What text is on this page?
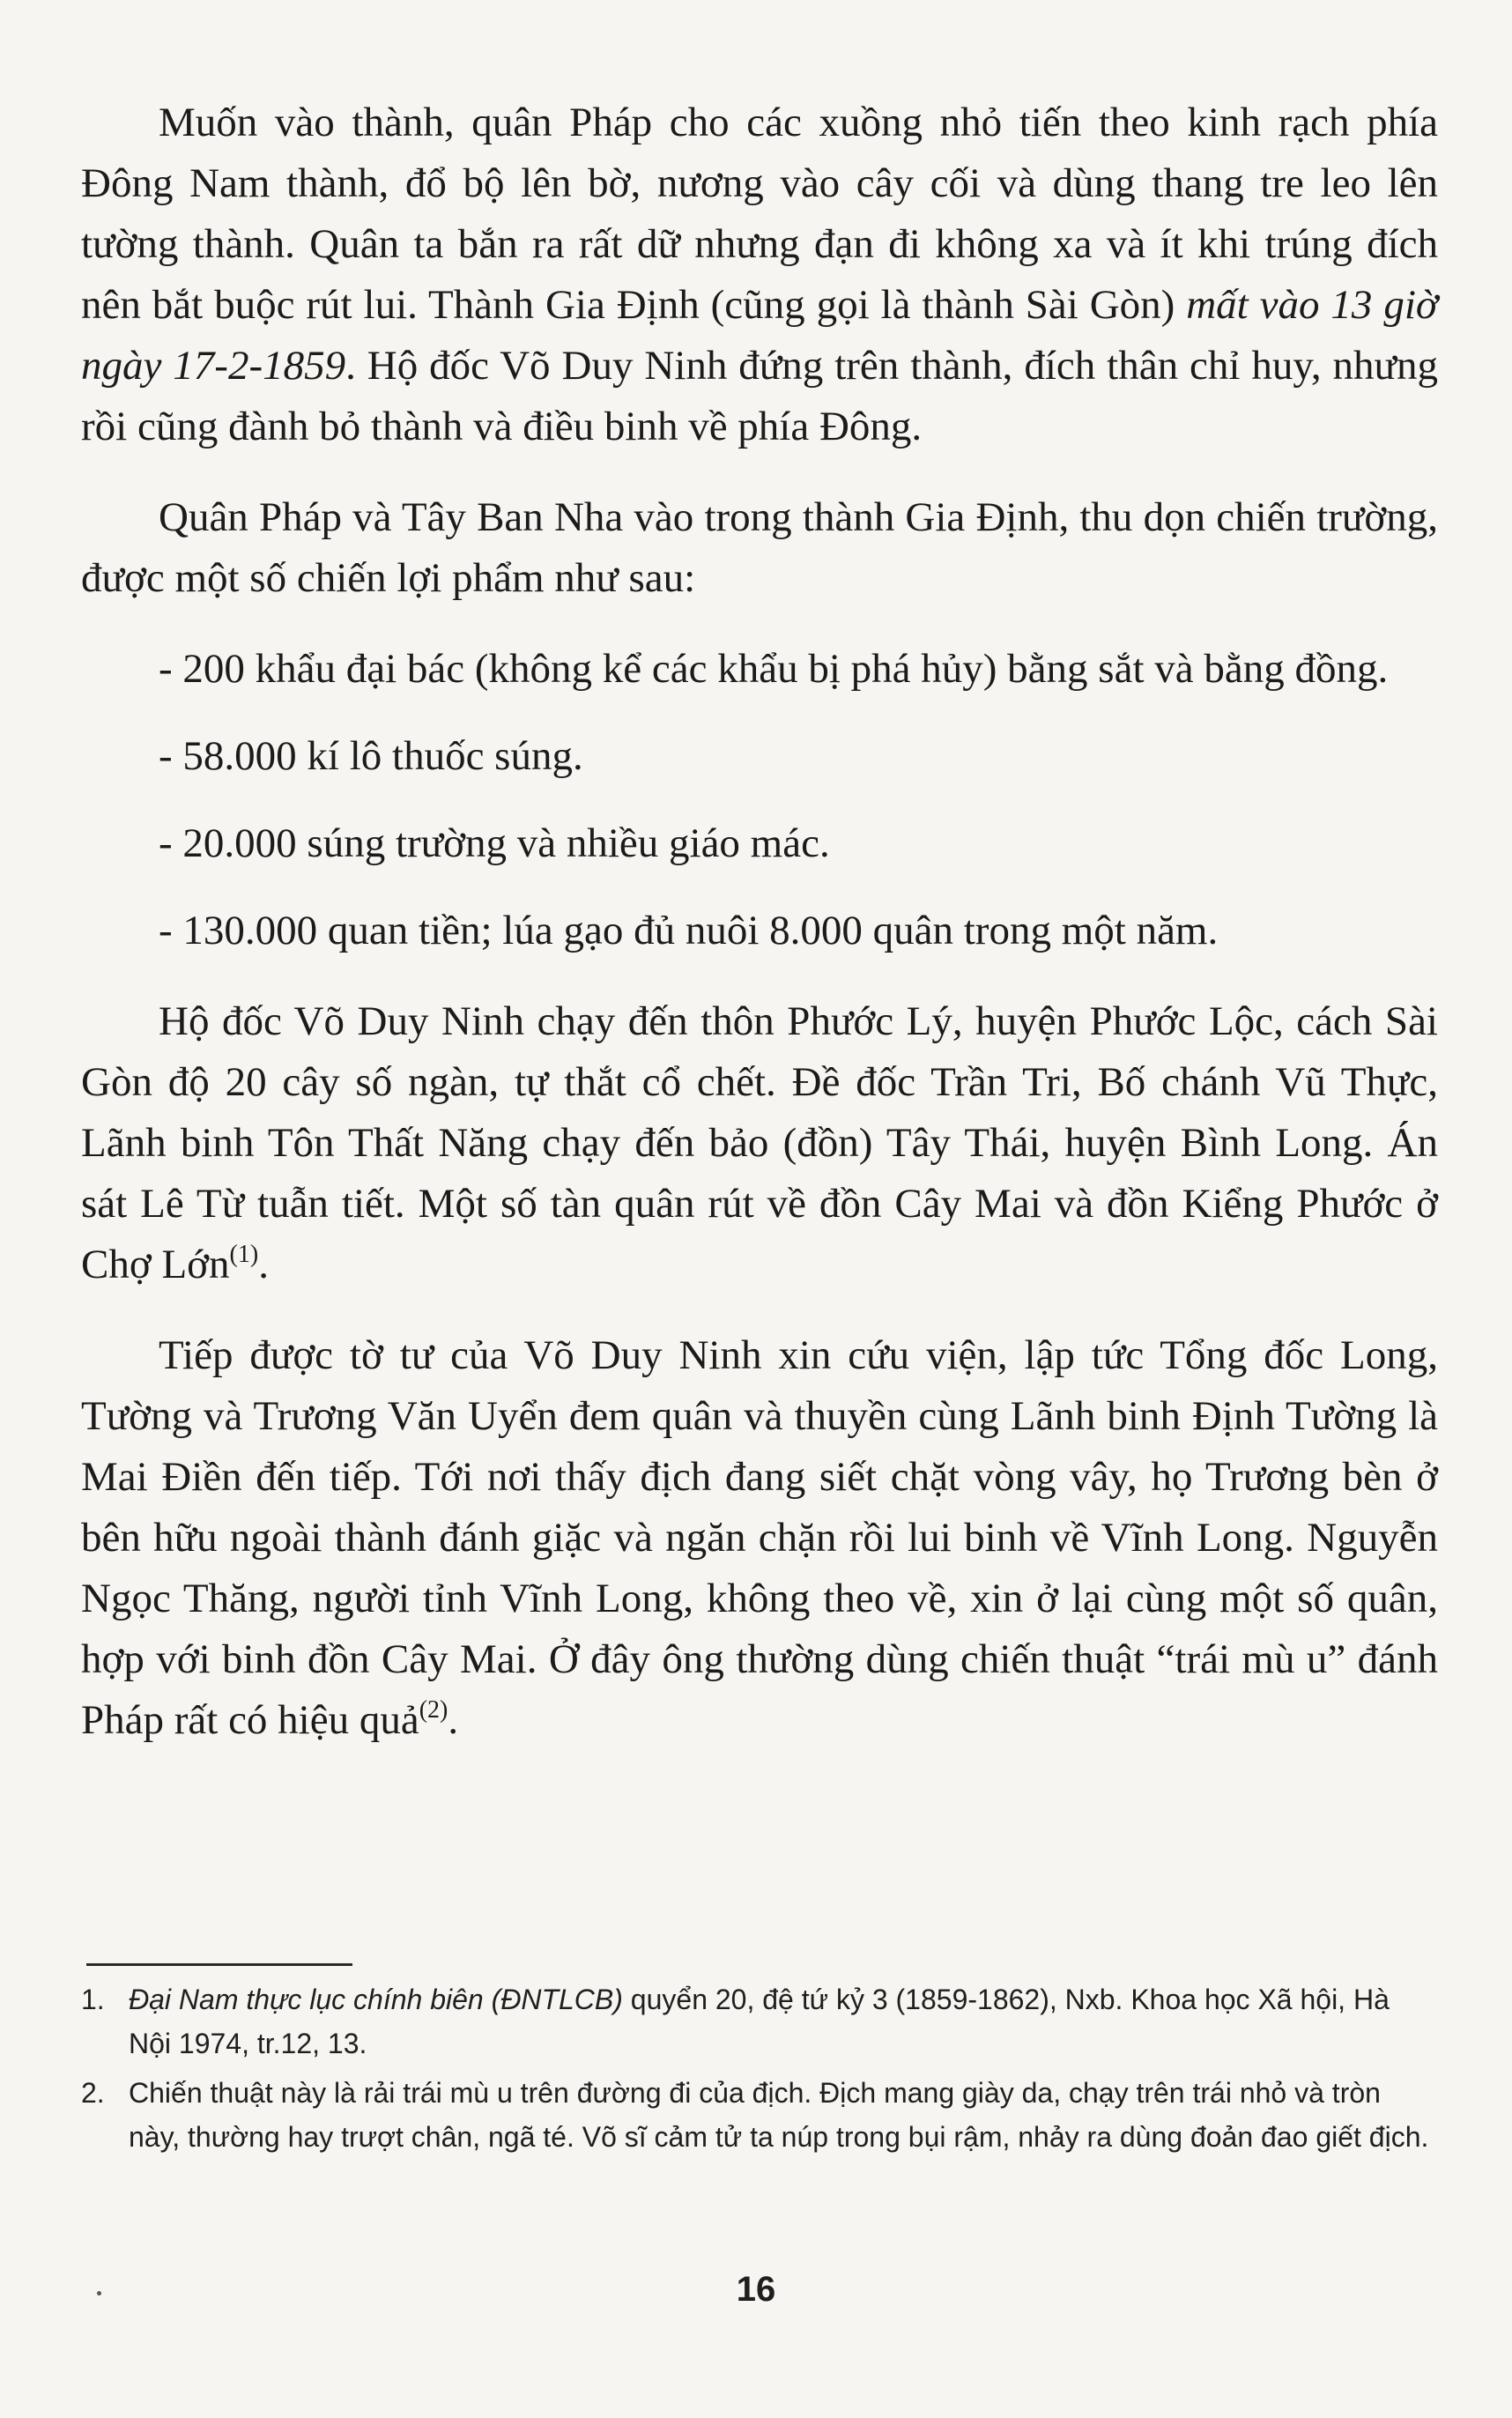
Muốn vào thành, quân Pháp cho các xuồng nhỏ tiến theo kinh rạch phía Đông Nam thành, đổ bộ lên bờ, nương vào cây cối và dùng thang tre leo lên tường thành. Quân ta bắn ra rất dữ nhưng đạn đi không xa và ít khi trúng đích nên bắt buộc rút lui. Thành Gia Định (cũng gọi là thành Sài Gòn) mất vào 13 giờ ngày 17-2-1859. Hộ đốc Võ Duy Ninh đứng trên thành, đích thân chỉ huy, nhưng rồi cũng đành bỏ thành và điều binh về phía Đông.

Quân Pháp và Tây Ban Nha vào trong thành Gia Định, thu dọn chiến trường, được một số chiến lợi phẩm như sau:

- 200 khẩu đại bác (không kể các khẩu bị phá hủy) bằng sắt và bằng đồng.

- 58.000 kí lô thuốc súng.

- 20.000 súng trường và nhiều giáo mác.

- 130.000 quan tiền; lúa gạo đủ nuôi 8.000 quân trong một năm.

Hộ đốc Võ Duy Ninh chạy đến thôn Phước Lý, huyện Phước Lộc, cách Sài Gòn độ 20 cây số ngàn, tự thắt cổ chết. Đề đốc Trần Tri, Bố chánh Vũ Thực, Lãnh binh Tôn Thất Năng chạy đến bảo (đồn) Tây Thái, huyện Bình Long. Án sát Lê Từ tuẫn tiết. Một số tàn quân rút về đồn Cây Mai và đồn Kiểng Phước ở Chợ Lớn$^{(1)}$.

Tiếp được tờ tư của Võ Duy Ninh xin cứu viện, lập tức Tổng đốc Long, Tường và Trương Văn Uyển đem quân và thuyền cùng Lãnh binh Định Tường là Mai Điền đến tiếp. Tới nơi thấy địch đang siết chặt vòng vây, họ Trương bèn ở bên hữu ngoài thành đánh giặc và ngăn chặn rồi lui binh về Vĩnh Long. Nguyễn Ngọc Thăng, người tỉnh Vĩnh Long, không theo về, xin ở lại cùng một số quân, hợp với binh đồn Cây Mai. Ở đây ông thường dùng chiến thuật “trái mù u” đánh Pháp rất có hiệu quả$^{(2)}$.

1. Đại Nam thực lục chính biên (ĐNTLCB) quyển 20, đệ tứ kỷ 3 (1859-1862), Nxb. Khoa học Xã hội, Hà Nội 1974, tr.12, 13.

2. Chiến thuật này là rải trái mù u trên đường đi của địch. Địch mang giày da, chạy trên trái nhỏ và tròn này, thường hay trượt chân, ngã té. Võ sĩ cảm tử ta núp trong bụi rậm, nhảy ra dùng đoản đao giết địch.

16
